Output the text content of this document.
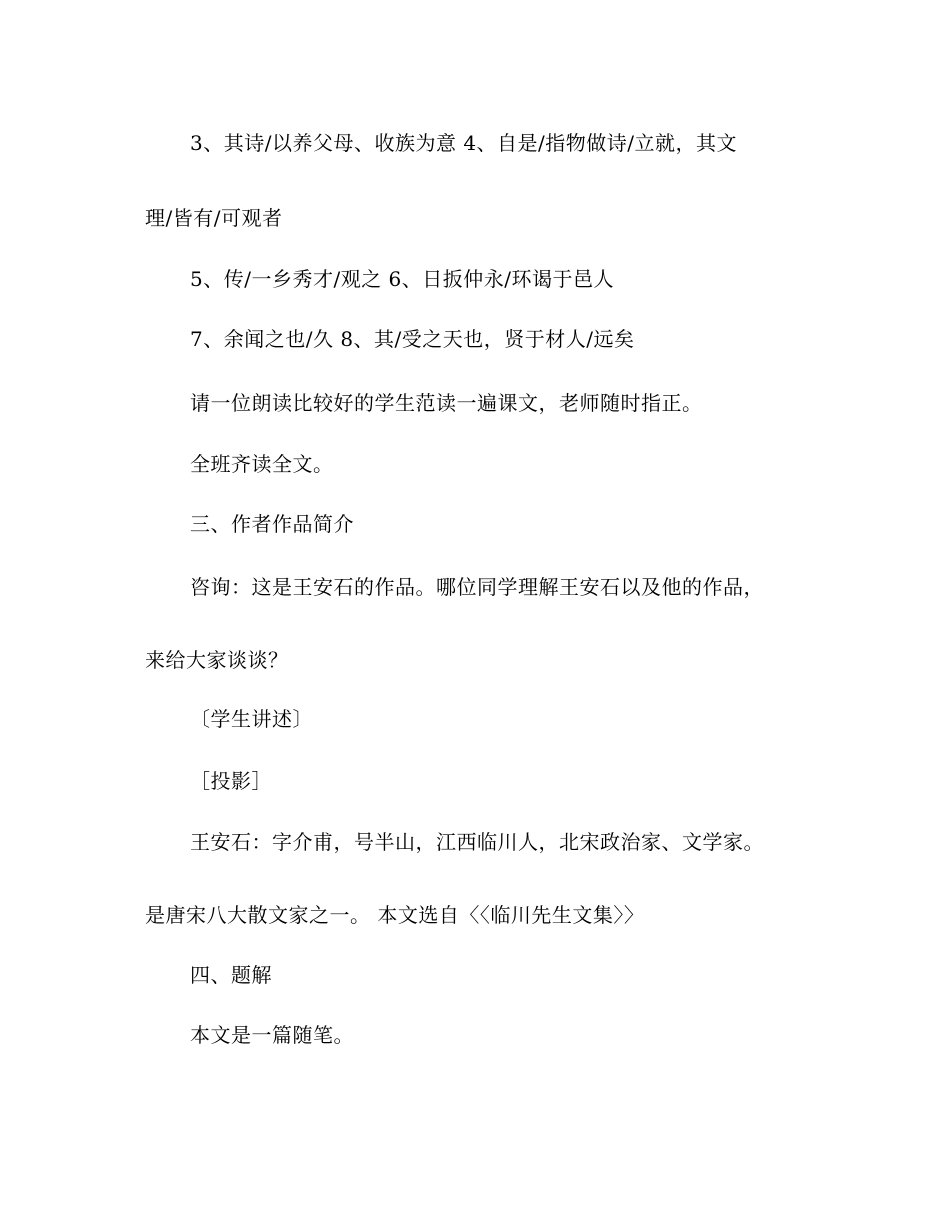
3、其诗/以养父母、收族为意 4、自是/指物做诗/立就，其文
理/皆有/可观者
5、传/一乡秀才/观之 6、日扳仲永/环谒于邑人
7、余闻之也/久 8、其/受之天也，贤于材人/远矣
请一位朗读比较好的学生范读一遍课文，老师随时指正。
全班齐读全文。
三、作者作品简介
咨询：这是王安石的作品。哪位同学理解王安石以及他的作品，
来给大家谈谈？
〔学生讲述〕
［投影］
王安石：字介甫，号半山，江西临川人，北宋政治家、文学家。
是唐宋八大散文家之一。 本文选自〈〈临川先生文集〉〉
四、题解
本文是一篇随笔。
